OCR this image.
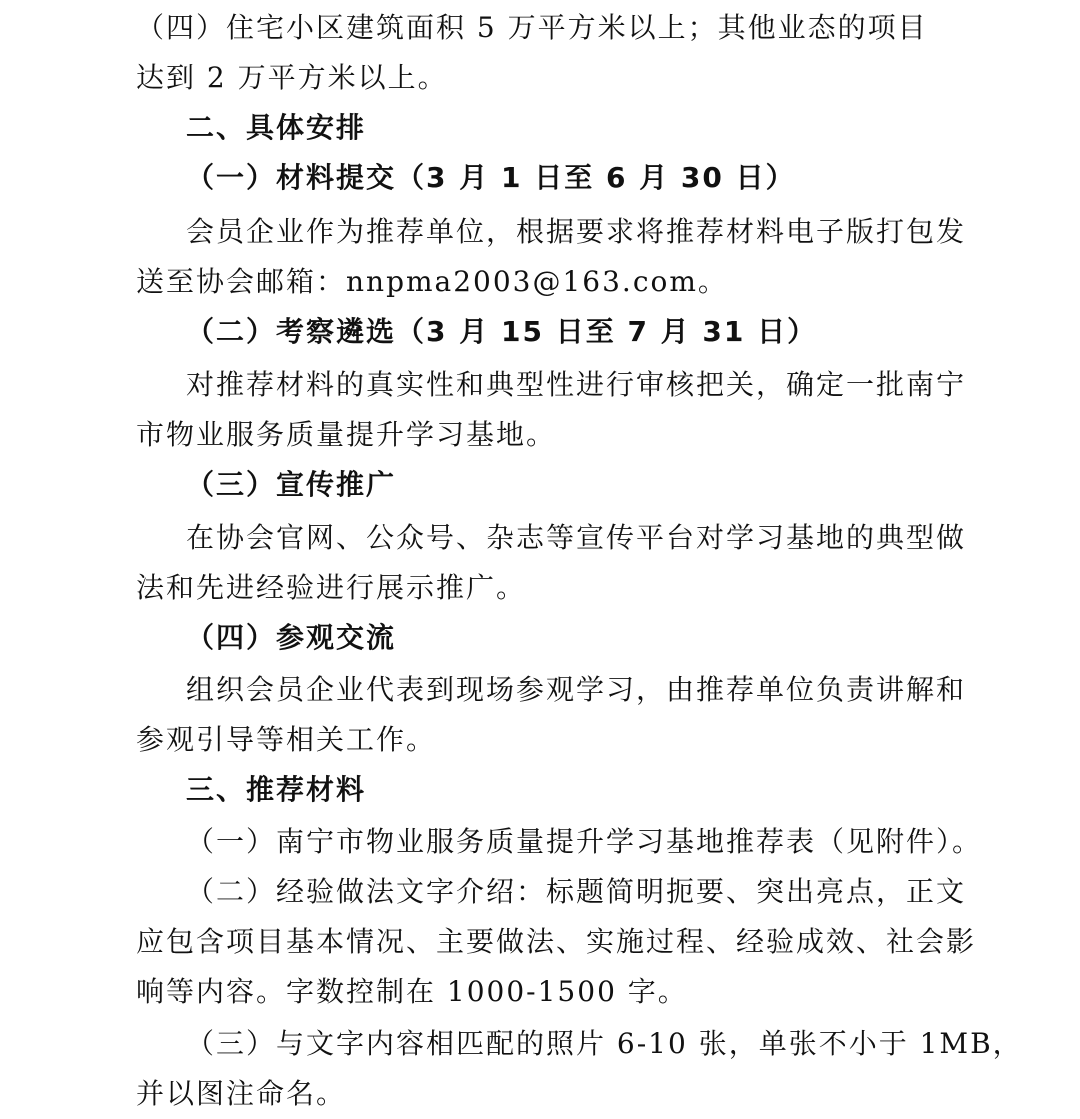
（四）住宅小区建筑面积 5 万平方米以上；其他业态的项目
达到 2 万平方米以上。
二、具体安排
（一）材料提交（3 月 1 日至 6 月 30 日）
会员企业作为推荐单位，根据要求将推荐材料电子版打包发
送至协会邮箱：nnpma2003@163.com。
（二）考察遴选（3 月 15 日至 7 月 31 日）
对推荐材料的真实性和典型性进行审核把关，确定一批南宁
市物业服务质量提升学习基地。
（三）宣传推广
在协会官网、公众号、杂志等宣传平台对学习基地的典型做
法和先进经验进行展示推广。
（四）参观交流
组织会员企业代表到现场参观学习，由推荐单位负责讲解和
参观引导等相关工作。
三、推荐材料
（一）南宁市物业服务质量提升学习基地推荐表（见附件）。
（二）经验做法文字介绍：标题简明扼要、突出亮点，正文
应包含项目基本情况、主要做法、实施过程、经验成效、社会影
响等内容。字数控制在 1000-1500 字。
（三）与文字内容相匹配的照片 6-10 张，单张不小于 1MB，
并以图注命名。
